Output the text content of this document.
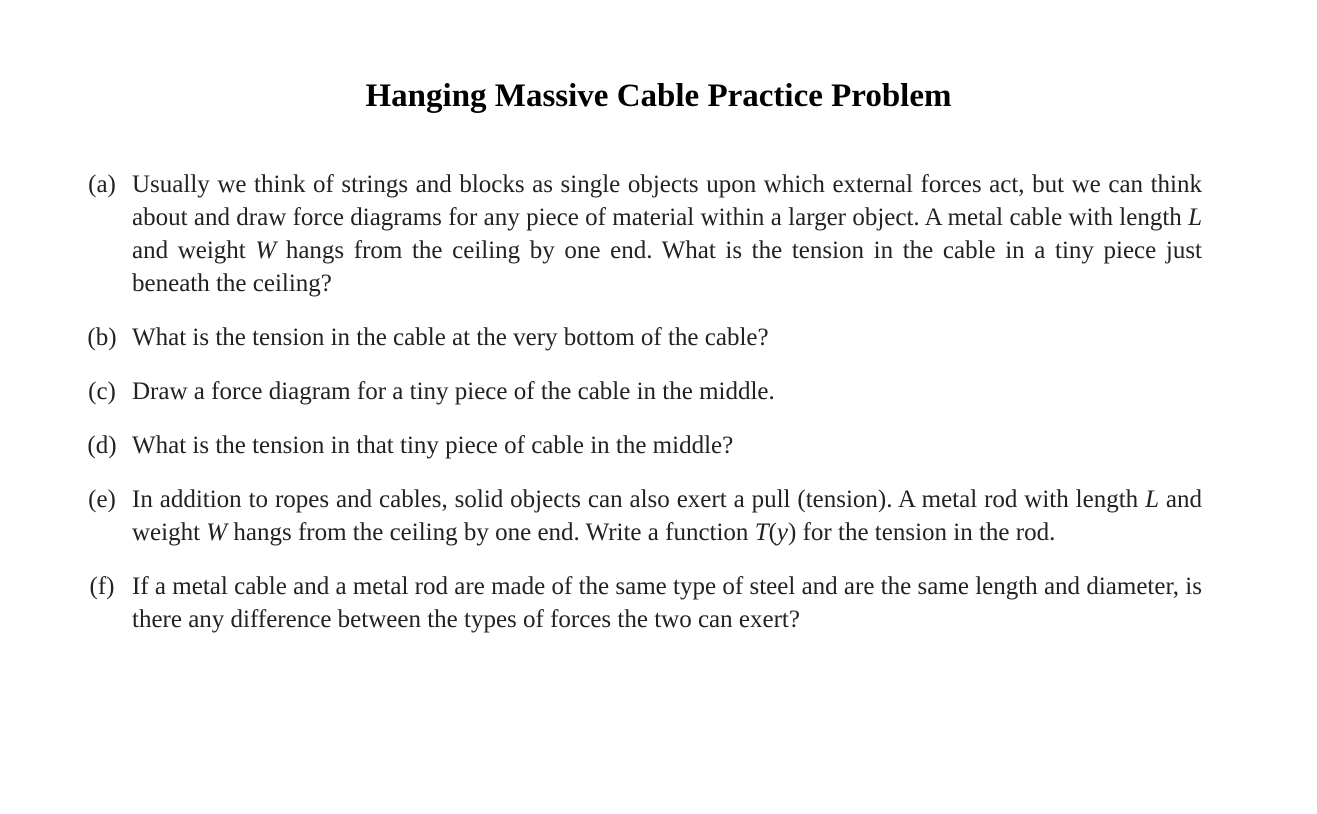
Hanging Massive Cable Practice Problem
(a) Usually we think of strings and blocks as single objects upon which external forces act, but we can think about and draw force diagrams for any piece of material within a larger object. A metal cable with length L and weight W hangs from the ceiling by one end. What is the tension in the cable in a tiny piece just beneath the ceiling?
(b) What is the tension in the cable at the very bottom of the cable?
(c) Draw a force diagram for a tiny piece of the cable in the middle.
(d) What is the tension in that tiny piece of cable in the middle?
(e) In addition to ropes and cables, solid objects can also exert a pull (tension). A metal rod with length L and weight W hangs from the ceiling by one end. Write a function T(y) for the tension in the rod.
(f) If a metal cable and a metal rod are made of the same type of steel and are the same length and diameter, is there any difference between the types of forces the two can exert?
